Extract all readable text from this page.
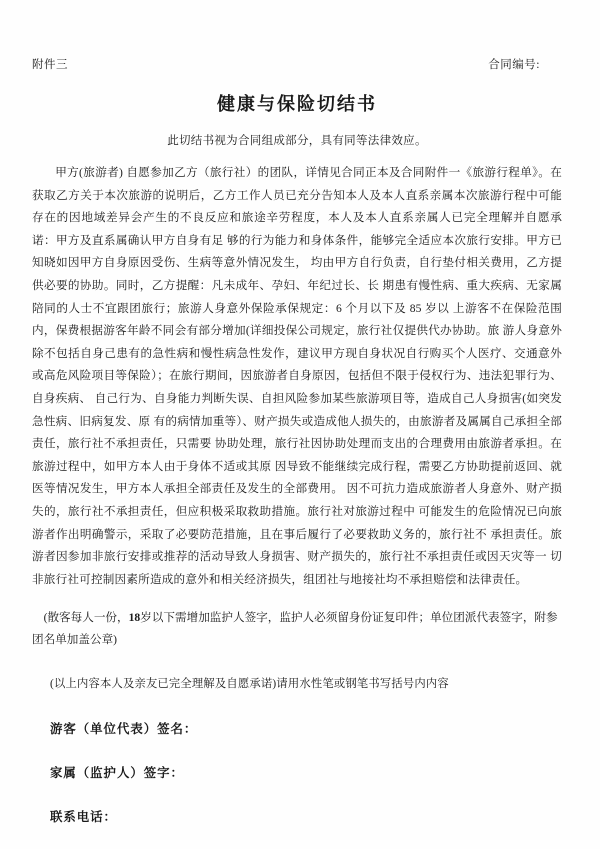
附件三	合同编号:
健康与保险切结书
此切结书视为合同组成部分，具有同等法律效应。

甲方(旅游者) 自愿参加乙方（旅行社）的团队，详情见合同正本及合同附件一《旅游行程单》。在获取乙方关于本次旅游的说明后，乙方工作人员已充分告知本人及本人直系亲属本次旅游行程中可能存在的因地域差异会产生的不良反应和旅途辛劳程度，本人及本人直系亲属人已完全理解并自愿承诺：甲方及直系属确认甲方自身有足 够的行为能力和身体条件，能够完全适应本次旅行安排。甲方已知晓如因甲方自身原因受伤、生病等意外情况发生， 均由甲方自行负责，自行垫付相关费用，乙方提供必要的协助。同时，乙方提醒：凡未成年、孕妇、年纪过长、长 期患有慢性病、重大疾病、无家属陪同的人士不宜跟团旅行；旅游人身意外保险承保规定：6 个月以下及 85 岁以 上游客不在保险范围内，保费根据游客年龄不同会有部分增加(详细投保公司规定，旅行社仅提供代办协助。旅 游人身意外除不包括自身己患有的急性病和慢性病急性发作，建议甲方现自身状况自行购买个人医疗、交通意外 或高危风险项目等保险）；在旅行期间，因旅游者自身原因，包括但不限于侵权行为、违法犯罪行为、自身疾病、 自己行为、自身能力判断失误、自担风险参加某些旅游项目等，造成自己人身损害(如突发急性病、旧病复发、原 有的病情加重等）、财产损失或造成他人损失的，由旅游者及属属自己承担全部责任，旅行社不承担责任，只需要 协助处理，旅行社因协助处理而支出的合理费用由旅游者承担。在旅游过程中，如甲方本人由于身体不适或其原 因导致不能继续完成行程，需要乙方协助提前返回、就医等情况发生，甲方本人承担全部责任及发生的全部费用。 因不可抗力造成旅游者人身意外、财产损失的，旅行社不承担责任，但应积极采取救助措施。旅行社对旅游过程中 可能发生的危险情况已向旅游者作出明确警示，采取了必要防范措施，且在事后履行了必要救助义务的，旅行社不 承担责任。旅游者因参加非旅行安排或推荐的活动导致人身损害、财产损失的，旅行社不承担责任或因天灾等一 切非旅行社可控制因素所造成的意外和相关经济损失，组团社与地接社均不承担赔偿和法律责任。

(散客每人一份，18岁以下需增加监护人签字，监护人必须留身份证复印件；单位团派代表签字，附参团名单加盖公章)
(以上内容本人及亲友已完全理解及自愿承诺)请用水性笔或钢笔书写括号内内容
游客（单位代表）签名：
家属（监护人）签字：
联系电话：
